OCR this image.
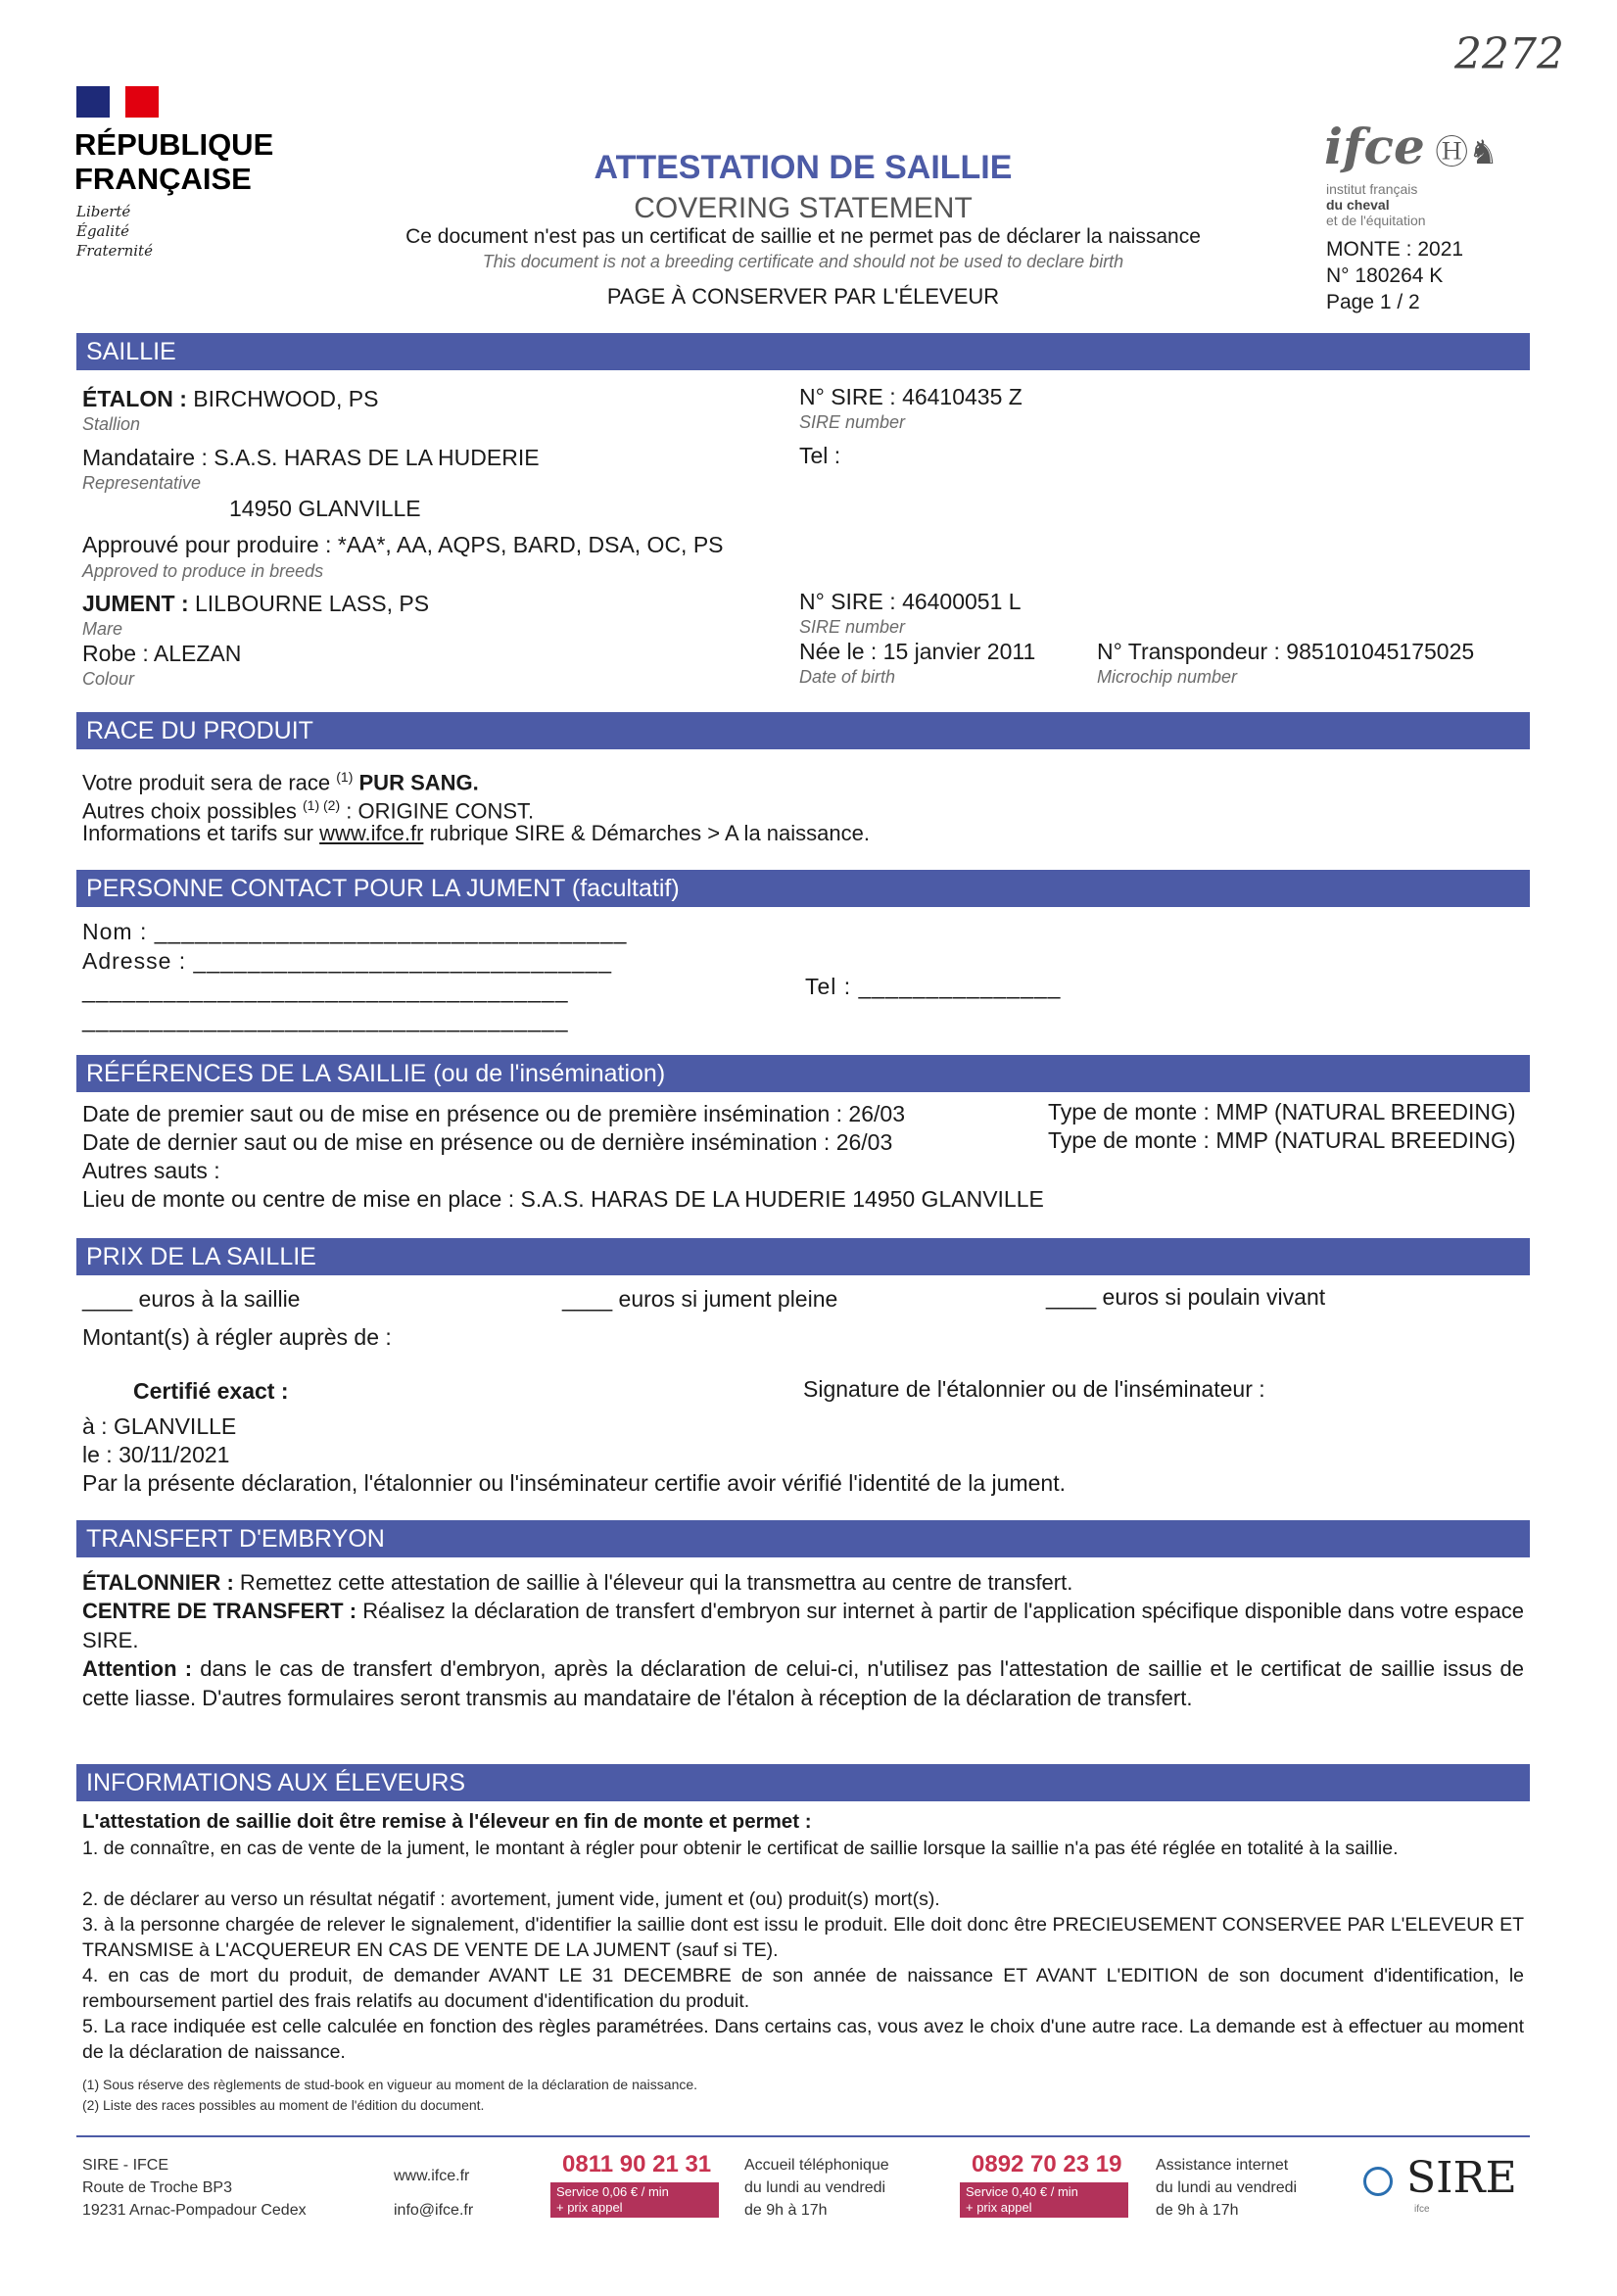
2272
RÉPUBLIQUE
FRANÇAISE
Liberté
Égalité
Fraternité
ATTESTATION DE SAILLIE
COVERING STATEMENT
Ce document n'est pas un certificat de saillie et ne permet pas de déclarer la naissance
This document is not a breeding certificate and should not be used to declare birth
PAGE À CONSERVER PAR L'ÉLEVEUR
ifce Ⓗ♞
institut français
du cheval
et de l'équitation
MONTE : 2021
N° 180264 K
Page 1 / 2
SAILLIE
ÉTALON : BIRCHWOOD, PS
Stallion
N° SIRE : 46410435 Z
SIRE number
Mandataire : S.A.S. HARAS DE LA HUDERIE
Representative
Tel :
14950 GLANVILLE
Approuvé pour produire : *AA*, AA, AQPS, BARD, DSA, OC, PS
Approved to produce in breeds
JUMENT : LILBOURNE LASS, PS
Mare
N° SIRE : 46400051 L
SIRE number
Robe : ALEZAN
Colour
Née le : 15 janvier 2011
Date of birth
N° Transpondeur : 985101045175025
Microchip number
RACE DU PRODUIT
Votre produit sera de race $^{(1)}$ PUR SANG.
Autres choix possibles $^{(1) (2)}$ : ORIGINE CONST.
Informations et tarifs sur www.ifce.fr rubrique SIRE & Démarches > A la naissance.
PERSONNE CONTACT POUR LA JUMENT (facultatif)
Nom : ___________________________________
Adresse : _______________________________
____________________________________
____________________________________
Tel : _______________
RÉFÉRENCES DE LA SAILLIE (ou de l'insémination)
Date de premier saut ou de mise en présence ou de première insémination : 26/03	Type de monte : MMP (NATURAL BREEDING)
Date de dernier saut ou de mise en présence ou de dernière insémination : 26/03	Type de monte : MMP (NATURAL BREEDING)
Autres sauts :
Lieu de monte ou centre de mise en place : S.A.S. HARAS DE LA HUDERIE 14950 GLANVILLE
PRIX DE LA SAILLIE
____ euros à la saillie	____ euros si jument pleine	____ euros si poulain vivant
Montant(s) à régler auprès de :
Certifié exact :	Signature de l'étalonnier ou de l'inséminateur :
à : GLANVILLE
le : 30/11/2021
Par la présente déclaration, l'étalonnier ou l'inséminateur certifie avoir vérifié l'identité de la jument.
TRANSFERT D'EMBRYON
ÉTALONNIER : Remettez cette attestation de saillie à l'éleveur qui la transmettra au centre de transfert.
CENTRE DE TRANSFERT : Réalisez la déclaration de transfert d'embryon sur internet à partir de l'application spécifique disponible dans votre espace SIRE.
Attention : dans le cas de transfert d'embryon, après la déclaration de celui-ci, n'utilisez pas l'attestation de saillie et le certificat de saillie issus de cette liasse. D'autres formulaires seront transmis au mandataire de l'étalon à réception de la déclaration de transfert.
INFORMATIONS AUX ÉLEVEURS
L'attestation de saillie doit être remise à l'éleveur en fin de monte et permet :
1. de connaître, en cas de vente de la jument, le montant à régler pour obtenir le certificat de saillie lorsque la saillie n'a pas été réglée en totalité à la saillie.
2. de déclarer au verso un résultat négatif : avortement, jument vide, jument et (ou) produit(s) mort(s).
3. à la personne chargée de relever le signalement, d'identifier la saillie dont est issu le produit. Elle doit donc être PRECIEUSEMENT CONSERVEE PAR L'ELEVEUR ET TRANSMISE à L'ACQUEREUR EN CAS DE VENTE DE LA JUMENT (sauf si TE).
4. en cas de mort du produit, de demander AVANT LE 31 DECEMBRE de son année de naissance ET AVANT L'EDITION de son document d'identification, le remboursement partiel des frais relatifs au document d'identification du produit.
5. La race indiquée est celle calculée en fonction des règles paramétrées. Dans certains cas, vous avez le choix d'une autre race. La demande est à effectuer au moment de la déclaration de naissance.
(1) Sous réserve des règlements de stud-book en vigueur au moment de la déclaration de naissance.
(2) Liste des races possibles au moment de l'édition du document.
SIRE - IFCE
Route de Troche BP3
19231 Arnac-Pompadour Cedex
www.ifce.fr
info@ifce.fr
0811 90 21 31
Service 0,06 € / min
+ prix appel
Accueil téléphonique
du lundi au vendredi
de 9h à 17h
0892 70 23 19
Service 0,40 € / min
+ prix appel
Assistance internet
du lundi au vendredi
de 9h à 17h
SIRE
ifce
